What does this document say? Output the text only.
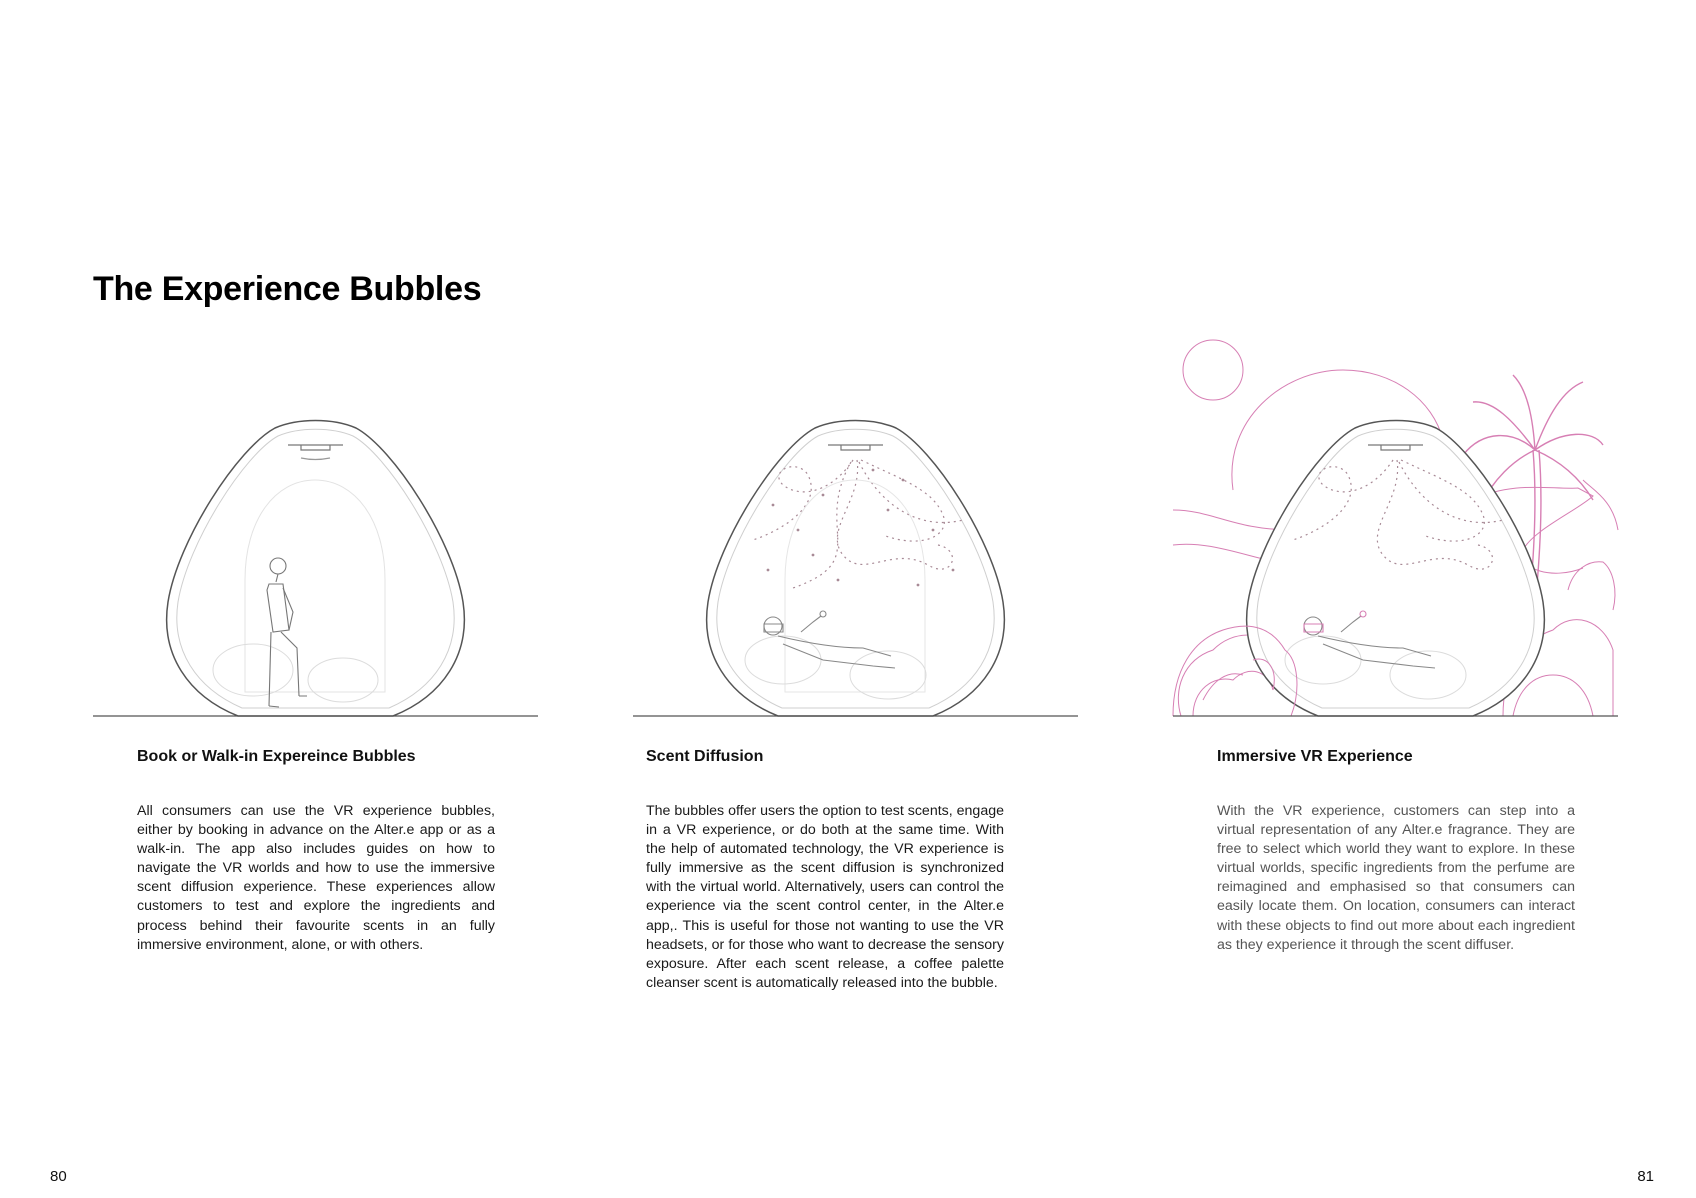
The Experience Bubbles
Book or Walk-in Expereince Bubbles

All consumers can use the VR experience bubbles, either by booking in advance on the Alter.e app or as a walk-in. The app also includes guides on how to navigate the VR worlds and how to use the immersive scent diffusion experience. These experiences allow customers to test and explore the ingredients and process behind their favourite scents in an fully immersive environment, alone, or with others.

Scent Diffusion

The bubbles offer users the option to test scents, engage in a VR experience, or do both at the same time. With the help of automated technology, the VR experience is fully immersive as the scent diffusion is synchronized with the virtual world. Alternatively, users can control the experience via the scent control center, in the Alter.e app,. This is useful for those not wanting to use the VR headsets, or for those who want to decrease the sensory exposure. After each scent release, a coffee palette cleanser scent is automatically released into the bubble.

Immersive VR Experience

With the VR experience, customers can step into a virtual representation of any Alter.e fragrance. They are free to select which world they want to explore. In these virtual worlds, specific ingredients from the perfume are reimagined and emphasised so that consumers can easily locate them. On location, consumers can interact with these objects to find out more about each ingredient as they experience it through the scent diffuser.

80	81
